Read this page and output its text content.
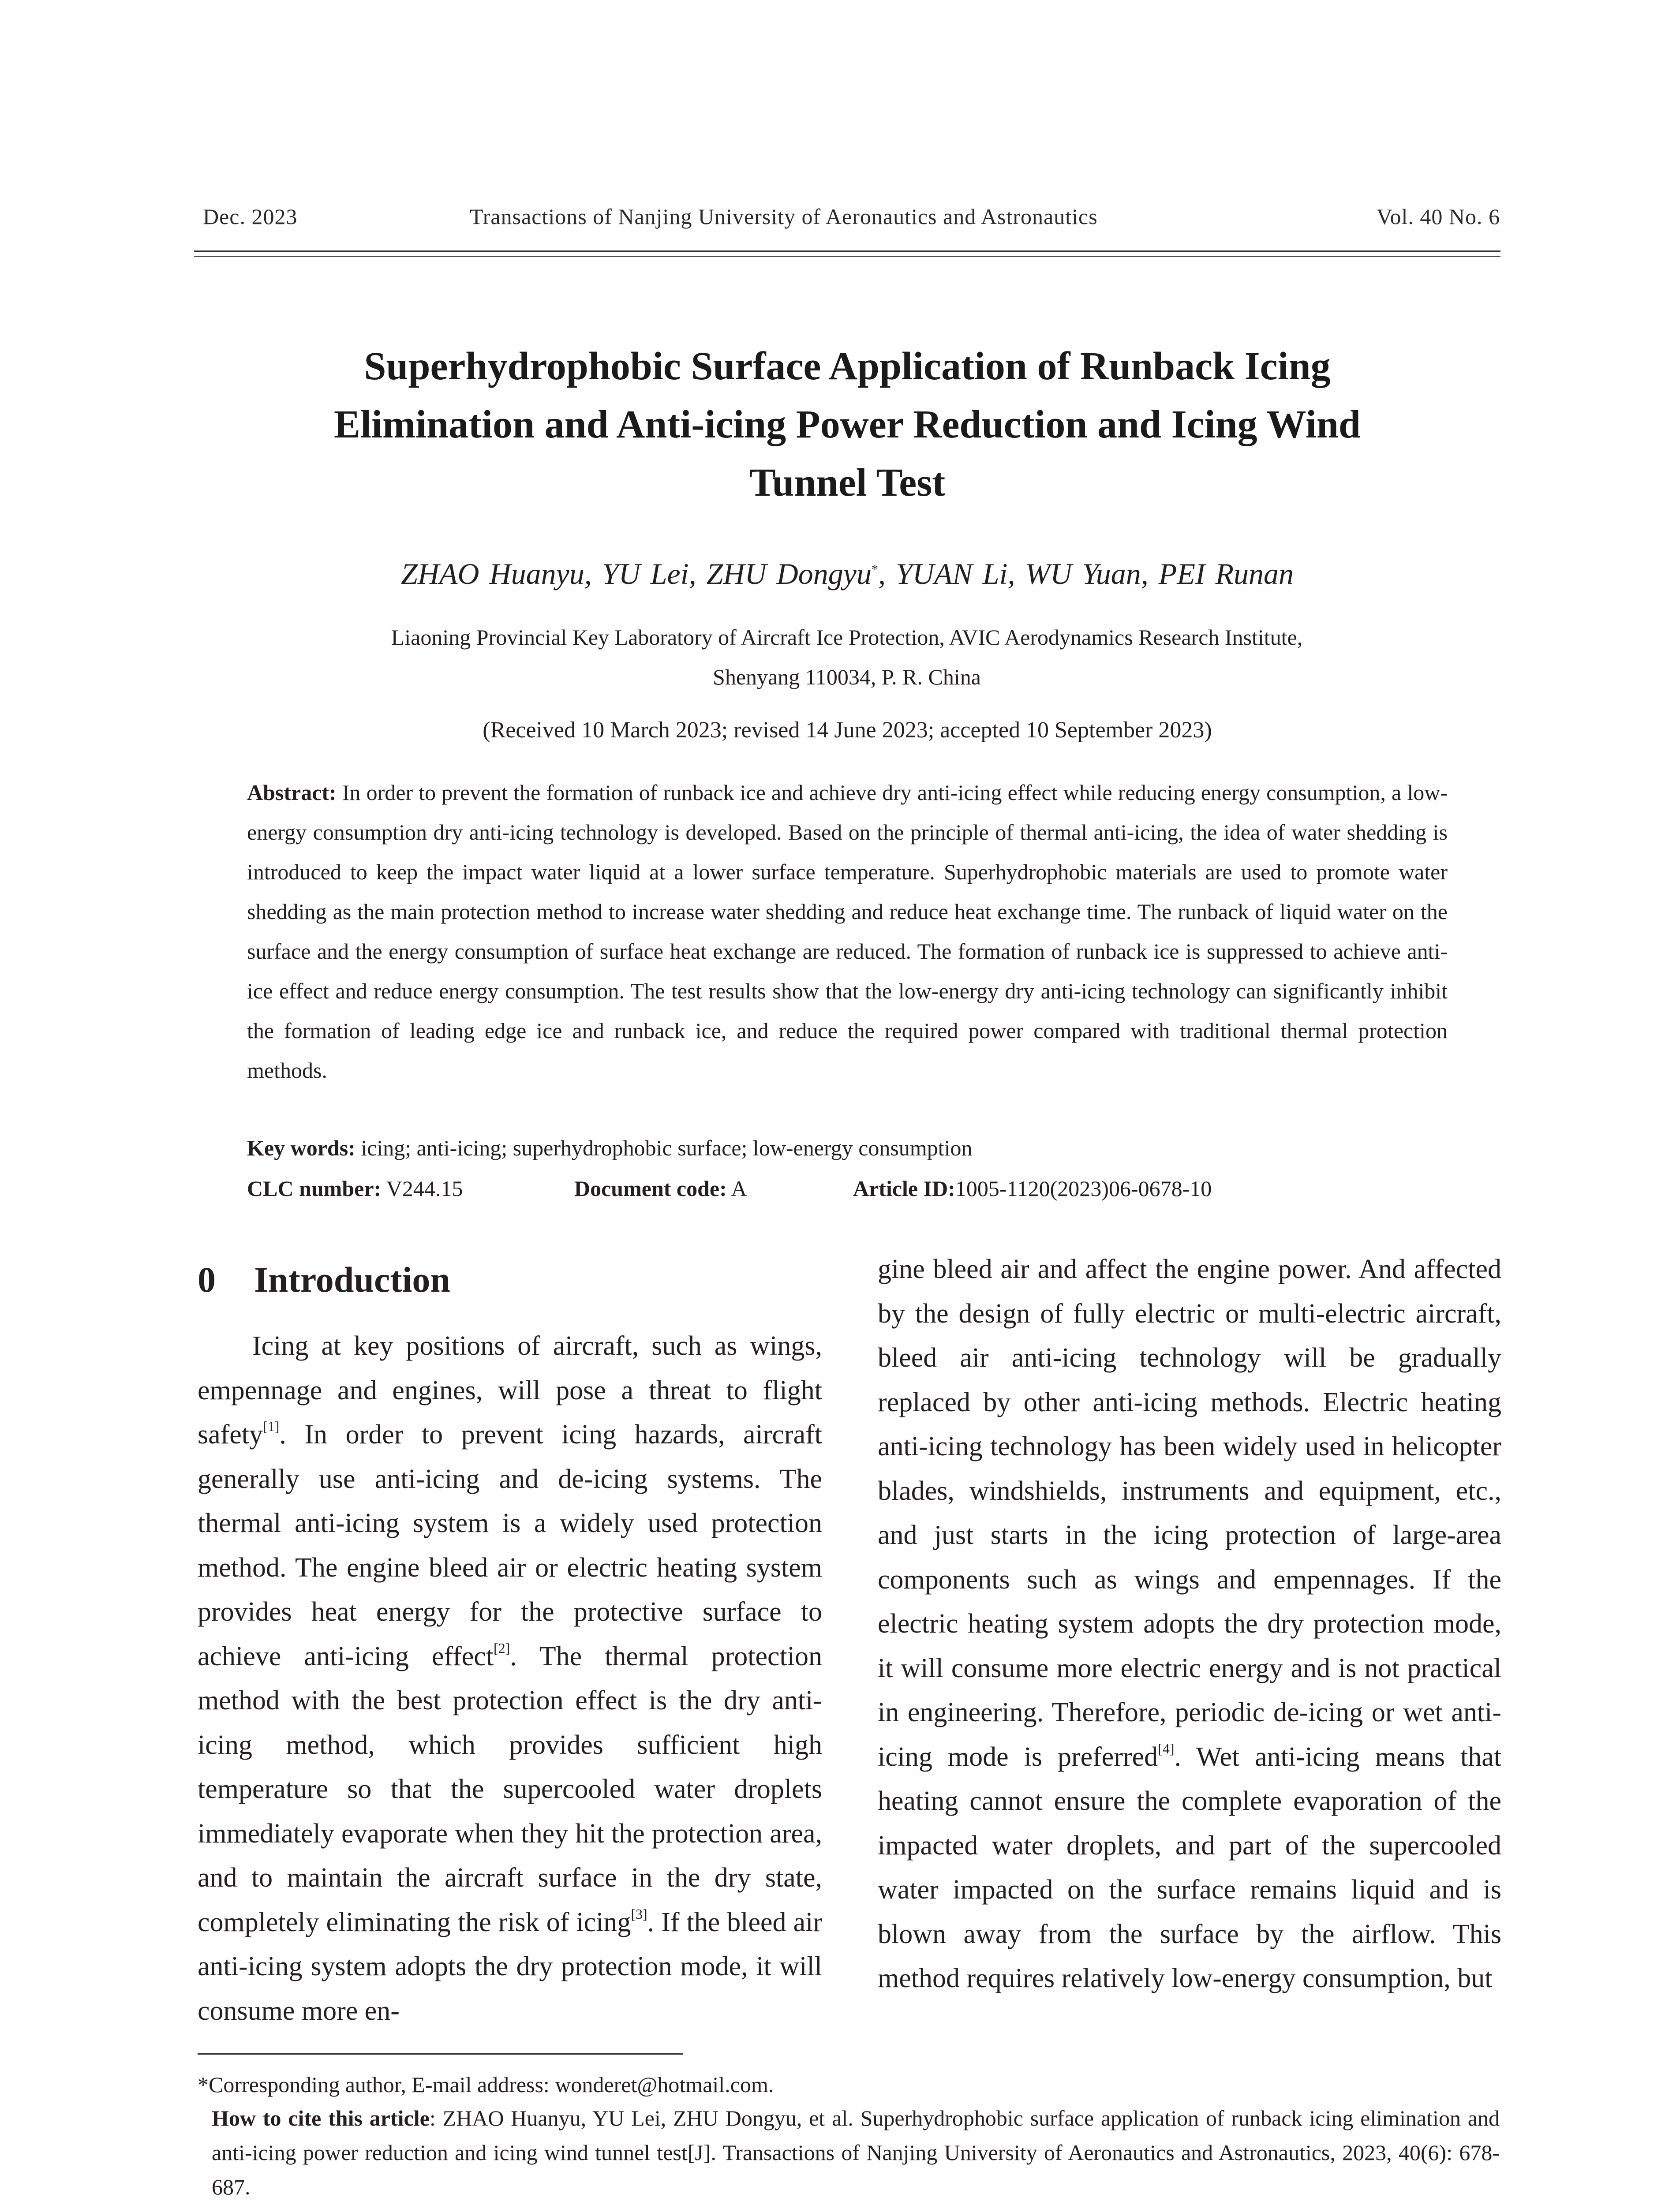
Dec. 2023	Transactions of Nanjing University of Aeronautics and Astronautics	Vol. 40 No. 6
Superhydrophobic Surface Application of Runback Icing
Elimination and Anti-icing Power Reduction and Icing Wind
Tunnel Test
ZHAO Huanyu, YU Lei, ZHU Dongyu*, YUAN Li, WU Yuan, PEI Runan
Liaoning Provincial Key Laboratory of Aircraft Ice Protection, AVIC Aerodynamics Research Institute,
Shenyang 110034, P. R. China
(Received 10 March 2023; revised 14 June 2023; accepted 10 September 2023)
Abstract: In order to prevent the formation of runback ice and achieve dry anti-icing effect while reducing energy consumption, a low-energy consumption dry anti-icing technology is developed. Based on the principle of thermal anti-icing, the idea of water shedding is introduced to keep the impact water liquid at a lower surface temperature. Superhydrophobic materials are used to promote water shedding as the main protection method to increase water shedding and reduce heat exchange time. The runback of liquid water on the surface and the energy consumption of surface heat exchange are reduced. The formation of runback ice is suppressed to achieve anti-ice effect and reduce energy consumption. The test results show that the low-energy dry anti-icing technology can significantly inhibit the formation of leading edge ice and runback ice, and reduce the required power compared with traditional thermal protection methods.
Key words: icing; anti-icing; superhydrophobic surface; low-energy consumption
CLC number: V244.15	Document code: A	Article ID:1005-1120(2023)06-0678-10
0 Introduction
Icing at key positions of aircraft, such as wings, empennage and engines, will pose a threat to flight safety[1]. In order to prevent icing hazards, aircraft generally use anti-icing and de-icing systems. The thermal anti-icing system is a widely used protection method. The engine bleed air or electric heating system provides heat energy for the protective surface to achieve anti-icing effect[2]. The thermal protection method with the best protection effect is the dry anti-icing method, which provides sufficient high temperature so that the supercooled water droplets immediately evaporate when they hit the protection area, and to maintain the aircraft surface in the dry state, completely eliminating the risk of icing[3]. If the bleed air anti-icing system adopts the dry protection mode, it will consume more en-
gine bleed air and affect the engine power. And affected by the design of fully electric or multi-electric aircraft, bleed air anti-icing technology will be gradually replaced by other anti-icing methods. Electric heating anti-icing technology has been widely used in helicopter blades, windshields, instruments and equipment, etc., and just starts in the icing protection of large-area components such as wings and empennages. If the electric heating system adopts the dry protection mode, it will consume more electric energy and is not practical in engineering. Therefore, periodic de-icing or wet anti-icing mode is preferred[4]. Wet anti-icing means that heating cannot ensure the complete evaporation of the impacted water droplets, and part of the supercooled water impacted on the surface remains liquid and is blown away from the surface by the airflow. This method requires relatively low-energy consumption, but
*Corresponding author, E-mail address: wonderet@hotmail.com.
How to cite this article: ZHAO Huanyu, YU Lei, ZHU Dongyu, et al. Superhydrophobic surface application of runback icing elimination and anti-icing power reduction and icing wind tunnel test[J]. Transactions of Nanjing University of Aeronautics and Astronautics, 2023, 40(6): 678-687.
